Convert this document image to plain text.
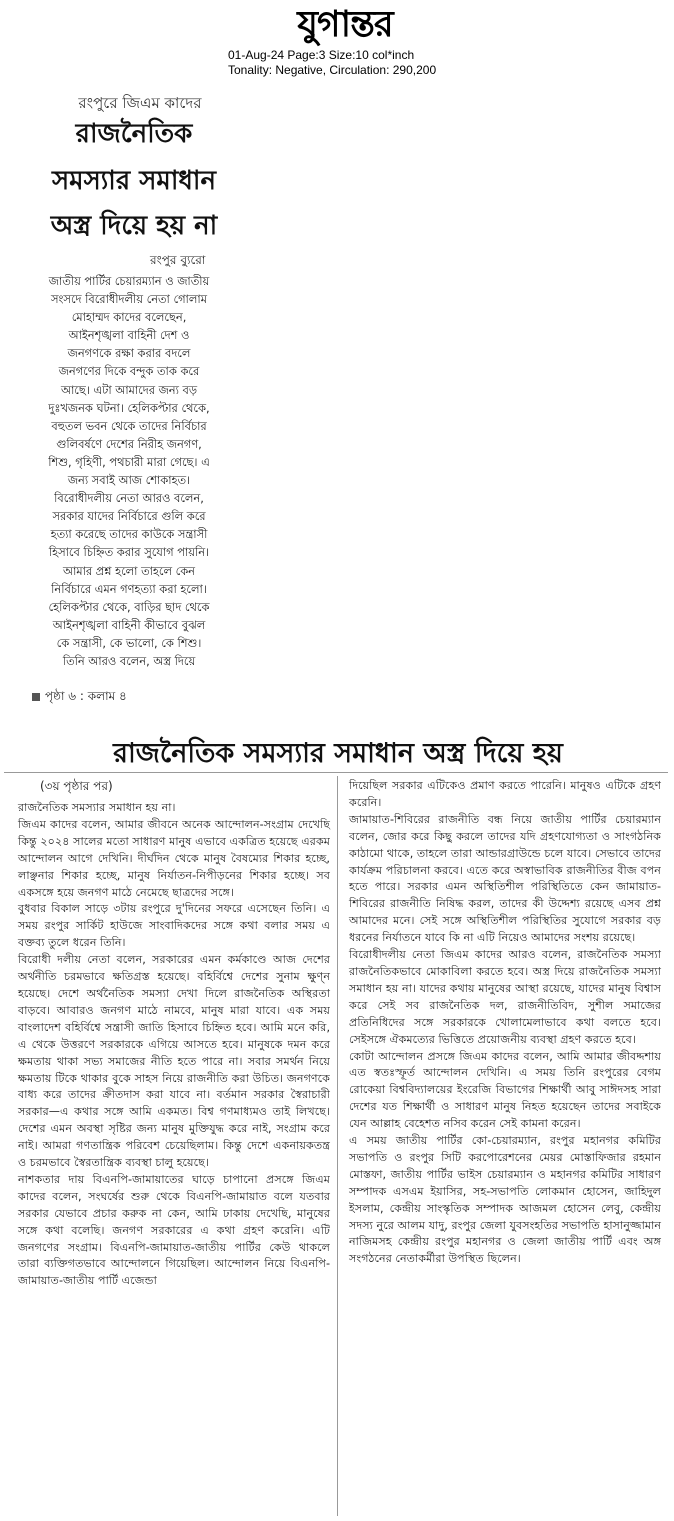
যুগান্তর
01-Aug-24 Page:3 Size:10 col*inch
Tonality: Negative, Circulation: 290,200
রংপুরে জিএম কাদের
রাজনৈতিক
সমস্যার সমাধান
অস্ত্র দিয়ে হয় না
রংপুর ব্যুরো

জাতীয় পার্টির চেয়ারম্যান ও জাতীয়

সংসদে বিরোধীদলীয় নেতা গোলাম

মোহাম্মদ কাদের বলেছেন,

আইনশৃঙ্খলা বাহিনী দেশ ও

জনগণকে রক্ষা করার বদলে

জনগণের দিকে বন্দুক তাক করে

আছে। এটা আমাদের জন্য বড়

দুঃখজনক ঘটনা। হেলিকপ্টার থেকে,

বহুতল ভবন থেকে তাদের নির্বিচার

গুলিবর্ষণে দেশের নিরীহ জনগণ,

শিশু, গৃহিণী, পথচারী মারা গেছে। এ

জন্য সবাই আজ শোকাহত।

বিরোধীদলীয় নেতা আরও বলেন,

সরকার যাদের নির্বিচারে গুলি করে

হত্যা করেছে তাদের কাউকে সন্ত্রাসী

হিসাবে চিহ্নিত করার সুযোগ পায়নি।

আমার প্রশ্ন হলো তাহলে কেন

নির্বিচারে এমন গণহত্যা করা হলো।

হেলিকপ্টার থেকে, বাড়ির ছাদ থেকে

আইনশৃঙ্খলা বাহিনী কীভাবে বুঝল

কে সন্ত্রাসী, কে ভালো, কে শিশু।

তিনি আরও বলেন, অস্ত্র দিয়ে

পৃষ্ঠা ৬ : কলাম ৪
রাজনৈতিক সমস্যার সমাধান অস্ত্র দিয়ে হয়
(৩য় পৃষ্ঠার পর)

রাজনৈতিক সমস্যার সমাধান হয় না।

জিএম কাদের বলেন, আমার জীবনে অনেক আন্দোলন-সংগ্রাম দেখেছি কিন্তু ২০২৪ সালের মতো সাধারণ মানুষ এভাবে একত্রিত হয়েছে এরকম আন্দোলন আগে দেখিনি। দীর্ঘদিন থেকে মানুষ বৈষম্যের শিকার হচ্ছে, লাঞ্ছনার শিকার হচ্ছে, মানুষ নির্যাতন-নিপীড়নের শিকার হচ্ছে। সব একসঙ্গে হয়ে জনগণ মাঠে নেমেছে ছাত্রদের সঙ্গে।

বুধবার বিকাল সাড়ে ৩টায় রংপুরে দু'দিনের সফরে এসেছেন তিনি। এ সময় রংপুর সার্কিট হাউজে সাংবাদিকদের সঙ্গে কথা বলার সময় এ বক্তব্য তুলে ধরেন তিনি।

বিরোধী দলীয় নেতা বলেন, সরকারের এমন কর্মকাণ্ডে আজ দেশের অর্থনীতি চরমভাবে ক্ষতিগ্রস্ত হয়েছে। বহির্বিশ্বে দেশের সুনাম ক্ষুণ্ন হয়েছে। দেশে অর্থনৈতিক সমস্যা দেখা দিলে রাজনৈতিক অস্থিরতা বাড়বে। আবারও জনগণ মাঠে নামবে, মানুষ মারা যাবে। এক সময় বাংলাদেশ বহির্বিশ্বে সন্ত্রাসী জাতি হিসাবে চিহ্নিত হবে। আমি মনে করি, এ থেকে উত্তরণে সরকারকে এগিয়ে আসতে হবে। মানুষকে দমন করে ক্ষমতায় থাকা সভ্য সমাজের নীতি হতে পারে না। সবার সমর্থন নিয়ে ক্ষমতায় টিকে থাকার বুকে সাহস নিয়ে রাজনীতি করা উচিত। জনগণকে বাধ্য করে তাদের ক্রীতদাস করা যাবে না। বর্তমান সরকার স্বৈরাচারী সরকার—এ কথার সঙ্গে আমি একমত। বিশ্ব গণমাধ্যমও তাই লিখছে। দেশের এমন অবস্থা সৃষ্টির জন্য মানুষ মুক্তিযুদ্ধ করে নাই, সংগ্রাম করে নাই। আমরা গণতান্ত্রিক পরিবেশ চেয়েছিলাম। কিন্তু দেশে একনায়কতন্ত্র ও চরমভাবে স্বৈরতান্ত্রিক ব্যবস্থা চালু হয়েছে।

নাশকতার দায় বিএনপি-জামায়াতের ঘাড়ে চাপানো প্রসঙ্গে জিএম কাদের বলেন, সংঘর্ষের শুরু থেকে বিএনপি-জামায়াত বলে যতবার সরকার যেভাবে প্রচার করুক না কেন, আমি ঢাকায় দেখেছি, মানুষের সঙ্গে কথা বলেছি। জনগণ সরকারের এ কথা গ্রহণ করেনি। এটি জনগণের সংগ্রাম। বিএনপি-জামায়াত-জাতীয় পার্টির কেউ থাকলে তারা ব্যক্তিগতভাবে আন্দোলনে গিয়েছিল। আন্দোলন নিয়ে বিএনপি-জামায়াত-জাতীয় পার্টি এজেন্ডা

দিয়েছিল সরকার এটিকেও প্রমাণ করতে পারেনি। মানুষও এটিকে গ্রহণ করেনি।

জামায়াত-শিবিরের রাজনীতি বন্ধ নিয়ে জাতীয় পার্টির চেয়ারম্যান বলেন, জোর করে কিছু করলে তাদের যদি গ্রহণযোগ্যতা ও সাংগঠনিক কাঠামো থাকে, তাহলে তারা আন্ডারগ্রাউন্ডে চলে যাবে। সেভাবে তাদের কার্যক্রম পরিচালনা করবে। এতে করে অস্বাভাবিক রাজনীতির বীজ বপন হতে পারে। সরকার এমন অস্থিতিশীল পরিস্থিতিতে কেন জামায়াত-শিবিরের রাজনীতি নিষিদ্ধ করল, তাদের কী উদ্দেশ্য রয়েছে এসব প্রশ্ন আমাদের মনে। সেই সঙ্গে অস্থিতিশীল পরিস্থিতির সুযোগে সরকার বড় ধরনের নির্যাতনে যাবে কি না এটি নিয়েও আমাদের সংশয় রয়েছে।

বিরোধীদলীয় নেতা জিএম কাদের আরও বলেন, রাজনৈতিক সমস্যা রাজনৈতিকভাবে মোকাবিলা করতে হবে। অস্ত্র দিয়ে রাজনৈতিক সমস্যা সমাধান হয় না। যাদের কথায় মানুষের আস্থা রয়েছে, যাদের মানুষ বিশ্বাস করে সেই সব রাজনৈতিক দল, রাজনীতিবিদ, সুশীল সমাজের প্রতিনিধিদের সঙ্গে সরকারকে খোলামেলাভাবে কথা বলতে হবে। সেইসঙ্গে ঐকমত্যের ভিত্তিতে প্রয়োজনীয় ব্যবস্থা গ্রহণ করতে হবে।

কোটা আন্দোলন প্রসঙ্গে জিএম কাদের বলেন, আমি আমার জীবদ্দশায় এত স্বতঃস্ফূর্ত আন্দোলন দেখিনি। এ সময় তিনি রংপুরের বেগম রোকেয়া বিশ্ববিদ্যালয়ের ইংরেজি বিভাগের শিক্ষার্থী আবু সাঈদসহ সারা দেশের যত শিক্ষার্থী ও সাধারণ মানুষ নিহত হয়েছেন তাদের সবাইকে যেন আল্লাহ বেহেশত নসিব করেন সেই কামনা করেন।

এ সময় জাতীয় পার্টির কো-চেয়ারম্যান, রংপুর মহানগর কমিটির সভাপতি ও রংপুর সিটি করপোরেশনের মেয়র মোস্তাফিজার রহমান মোস্তফা, জাতীয় পার্টির ভাইস চেয়ারম্যান ও মহানগর কমিটির সাধারণ সম্পাদক এসএম ইয়াসির, সহ-সভাপতি লোকমান হোসেন, জাহিদুল ইসলাম, কেন্দ্রীয় সাংস্কৃতিক সম্পাদক আজমল হোসেন লেবু, কেন্দ্রীয় সদস্য নুরে আলম যাদু, রংপুর জেলা যুবসংহতির সভাপতি হাসানুজ্জামান নাজিমসহ কেন্দ্রীয় রংপুর মহানগর ও জেলা জাতীয় পার্টি এবং অঙ্গ সংগঠনের নেতাকর্মীরা উপস্থিত ছিলেন।
